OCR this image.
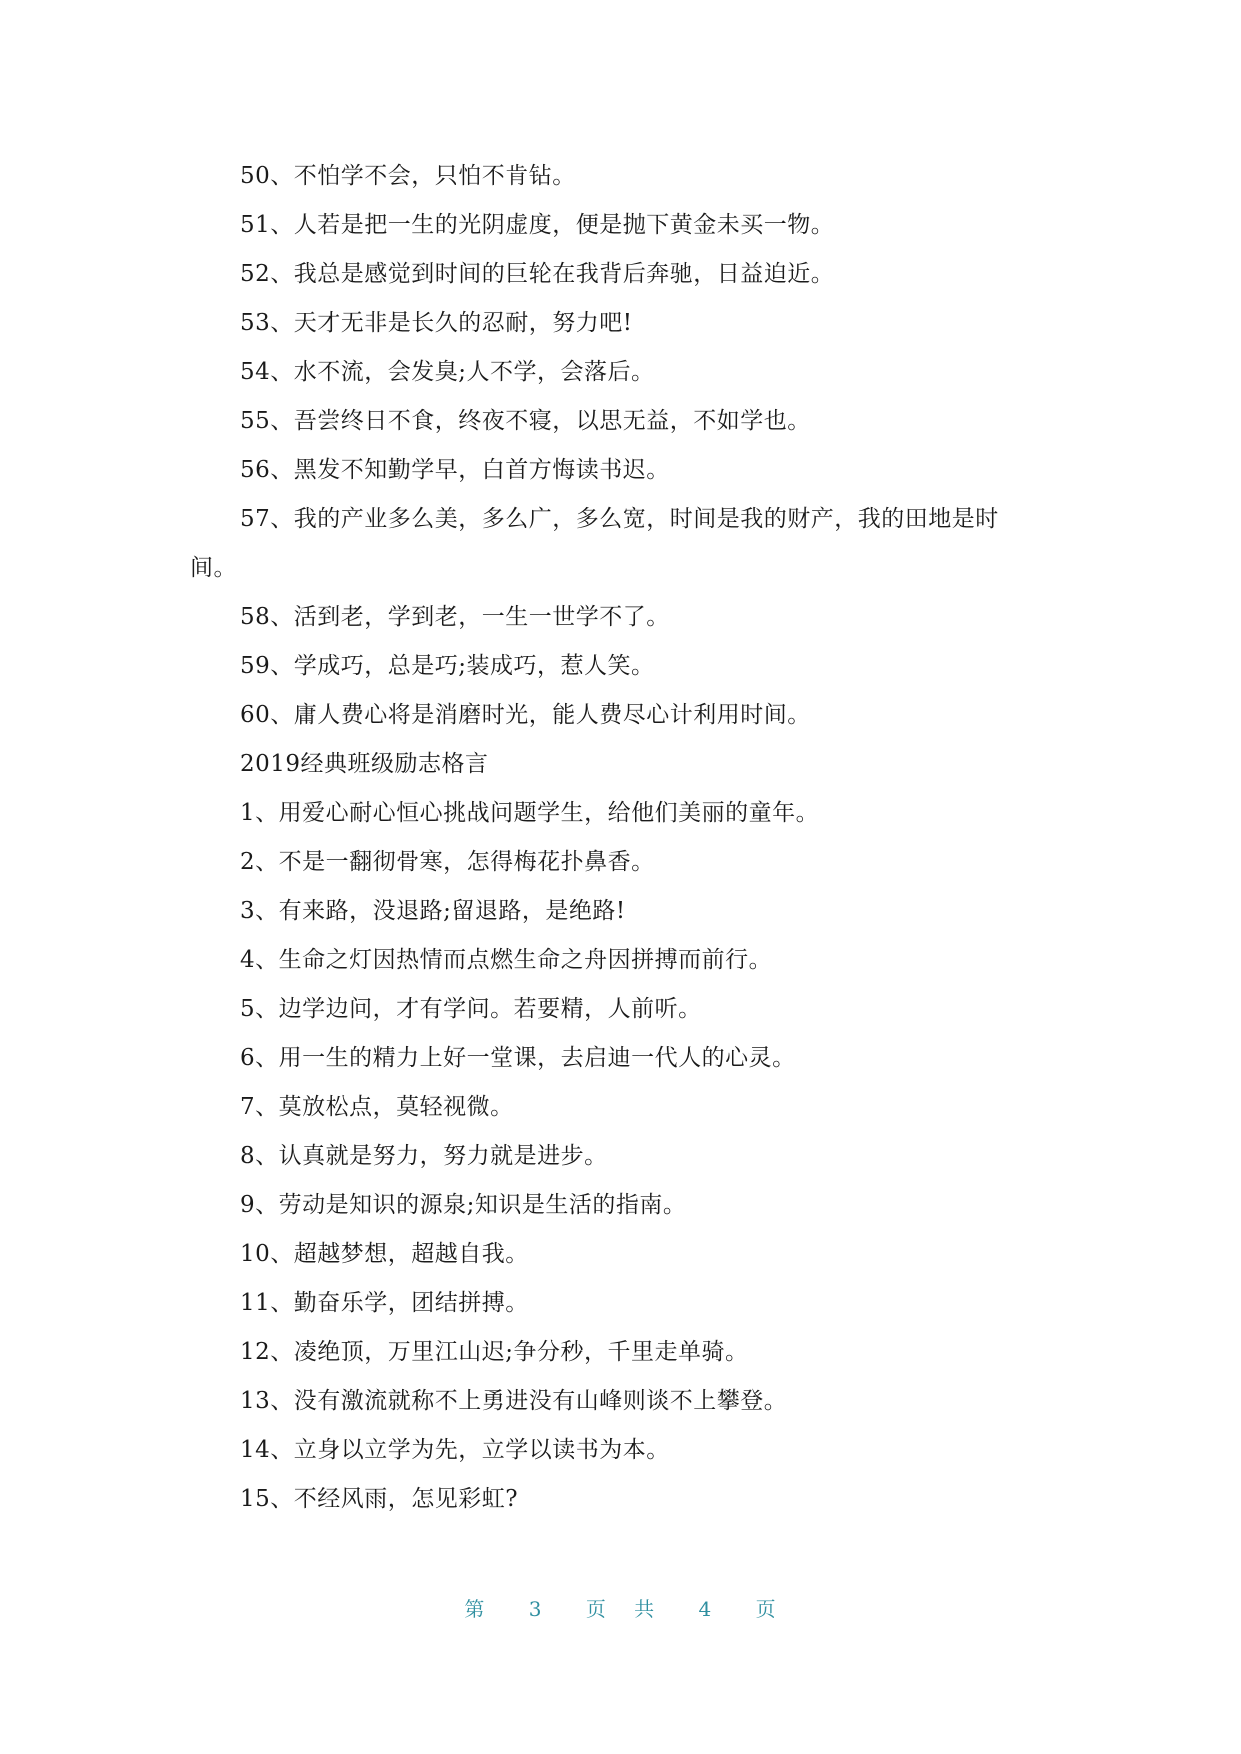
50、不怕学不会，只怕不肯钻。
51、人若是把一生的光阴虚度，便是抛下黄金未买一物。
52、我总是感觉到时间的巨轮在我背后奔驰，日益迫近。
53、天才无非是长久的忍耐，努力吧!
54、水不流，会发臭;人不学，会落后。
55、吾尝终日不食，终夜不寝，以思无益，不如学也。
56、黑发不知勤学早，白首方悔读书迟。
57、我的产业多么美，多么广，多么宽，时间是我的财产，我的田地是时
间。
58、活到老，学到老，一生一世学不了。
59、学成巧，总是巧;装成巧，惹人笑。
60、庸人费心将是消磨时光，能人费尽心计利用时间。
2019经典班级励志格言
1、用爱心耐心恒心挑战问题学生，给他们美丽的童年。
2、不是一翻彻骨寒，怎得梅花扑鼻香。
3、有来路，没退路;留退路，是绝路!
4、生命之灯因热情而点燃生命之舟因拼搏而前行。
5、边学边问，才有学问。若要精，人前听。
6、用一生的精力上好一堂课，去启迪一代人的心灵。
7、莫放松点，莫轻视微。
8、认真就是努力，努力就是进步。
9、劳动是知识的源泉;知识是生活的指南。
10、超越梦想，超越自我。
11、勤奋乐学，团结拼搏。
12、凌绝顶，万里江山迟;争分秒，千里走单骑。
13、没有激流就称不上勇进没有山峰则谈不上攀登。
14、立身以立学为先，立学以读书为本。
15、不经风雨，怎见彩虹?
第 3 页 共 4 页
